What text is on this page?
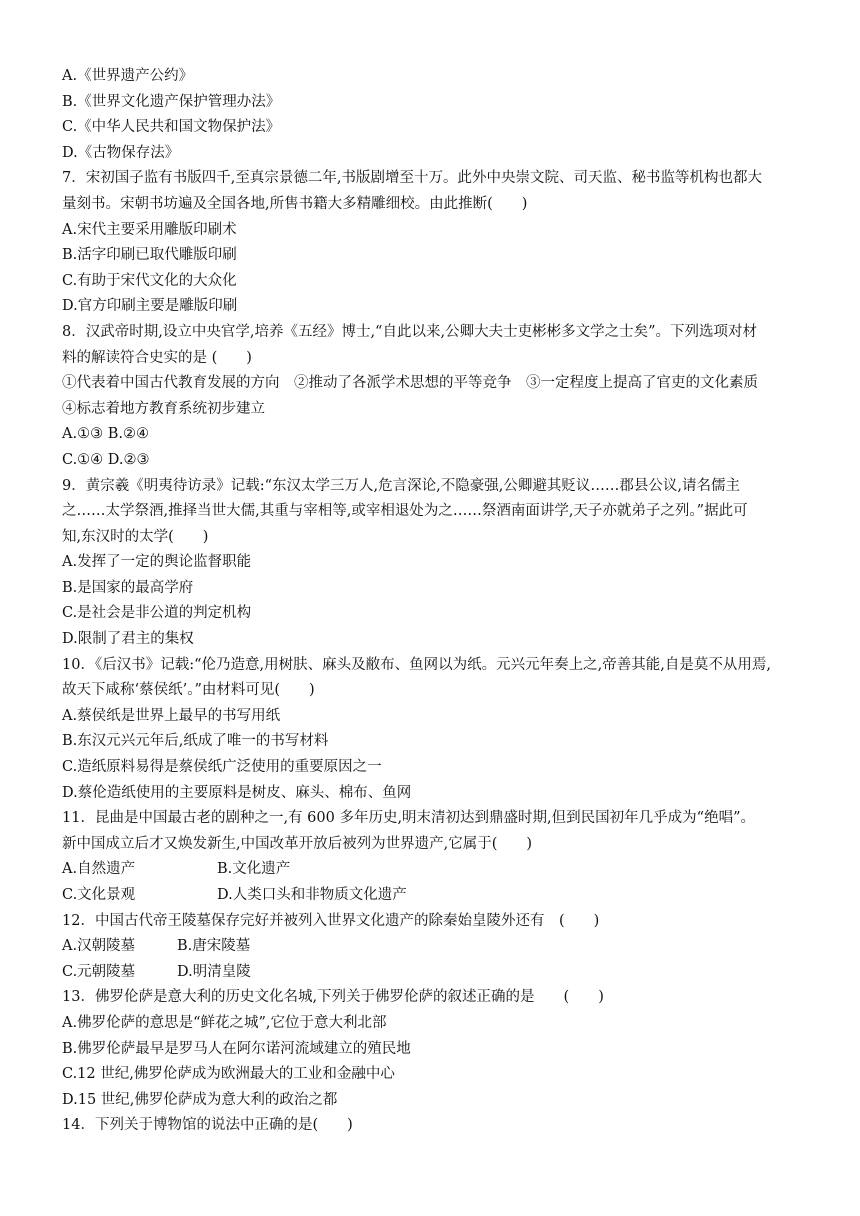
A.《世界遗产公约》
B.《世界文化遗产保护管理办法》
C.《中华人民共和国文物保护法》
D.《古物保存法》
7．宋初国子监有书版四千,至真宗景德二年,书版剧增至十万。此外中央崇文院、司天监、秘书监等机构也都大
量刻书。宋朝书坊遍及全国各地,所售书籍大多精雕细校。由此推断(　　)
A.宋代主要采用雕版印刷术
B.活字印刷已取代雕版印刷
C.有助于宋代文化的大众化
D.官方印刷主要是雕版印刷
8．汉武帝时期,设立中央官学,培养《五经》博士,“自此以来,公卿大夫士吏彬彬多文学之士矣”。下列选项对材
料的解读符合史实的是 (　　)
①代表着中国古代教育发展的方向　②推动了各派学术思想的平等竞争　③一定程度上提高了官吏的文化素质
④标志着地方教育系统初步建立
A.①③ B.②④
C.①④ D.②③
9．黄宗羲《明夷待访录》记载:“东汉太学三万人,危言深论,不隐豪强,公卿避其贬议……郡县公议,请名儒主
之……太学祭酒,推择当世大儒,其重与宰相等,或宰相退处为之……祭酒南面讲学,天子亦就弟子之列。”据此可
知,东汉时的太学(　　)
A.发挥了一定的舆论监督职能
B.是国家的最高学府
C.是社会是非公道的判定机构
D.限制了君主的集权
10．《后汉书》记载:“伦乃造意,用树肤、麻头及敝布、鱼网以为纸。元兴元年奏上之,帝善其能,自是莫不从用焉,
故天下咸称‘蔡侯纸’。”由材料可见(　　)
A.蔡侯纸是世界上最早的书写用纸
B.东汉元兴元年后,纸成了唯一的书写材料
C.造纸原料易得是蔡侯纸广泛使用的重要原因之一
D.蔡伦造纸使用的主要原料是树皮、麻头、棉布、鱼网
11．昆曲是中国最古老的剧种之一,有 600 多年历史,明末清初达到鼎盛时期,但到民国初年几乎成为“绝唱”。
新中国成立后才又焕发新生,中国改革开放后被列为世界遗产,它属于(　　)
A.自然遗产	B.文化遗产
C.文化景观	D.人类口头和非物质文化遗产
12．中国古代帝王陵墓保存完好并被列入世界文化遗产的除秦始皇陵外还有　(　　)
A.汉朝陵墓	B.唐宋陵墓
C.元朝陵墓	D.明清皇陵
13．佛罗伦萨是意大利的历史文化名城,下列关于佛罗伦萨的叙述正确的是　　(　　)
A.佛罗伦萨的意思是“鲜花之城”,它位于意大利北部
B.佛罗伦萨最早是罗马人在阿尔诺河流域建立的殖民地
C.12 世纪,佛罗伦萨成为欧洲最大的工业和金融中心
D.15 世纪,佛罗伦萨成为意大利的政治之都
14．下列关于博物馆的说法中正确的是(　　)
